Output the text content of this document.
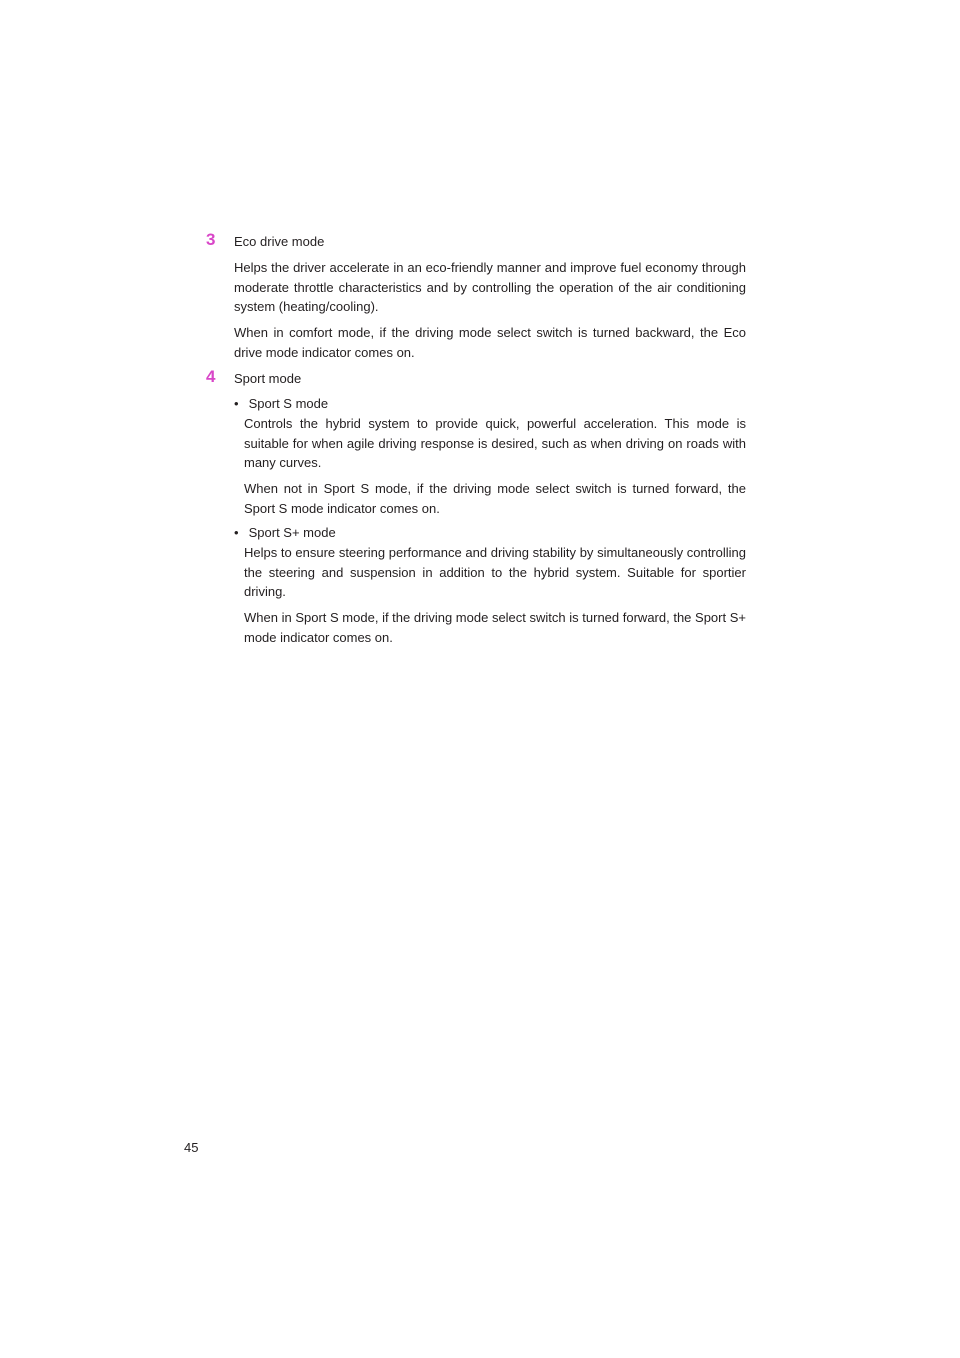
3 Eco drive mode

Helps the driver accelerate in an eco-friendly manner and improve fuel economy through moderate throttle characteristics and by controlling the operation of the air conditioning system (heating/cooling).

When in comfort mode, if the driving mode select switch is turned backward, the Eco drive mode indicator comes on.

4 Sport mode
• Sport S mode

Controls the hybrid system to provide quick, powerful acceleration. This mode is suitable for when agile driving response is desired, such as when driving on roads with many curves.

When not in Sport S mode, if the driving mode select switch is turned forward, the Sport S mode indicator comes on.

• Sport S+ mode

Helps to ensure steering performance and driving stability by simultaneously controlling the steering and suspension in addition to the hybrid system. Suitable for sportier driving.

When in Sport S mode, if the driving mode select switch is turned forward, the Sport S+ mode indicator comes on.

45
